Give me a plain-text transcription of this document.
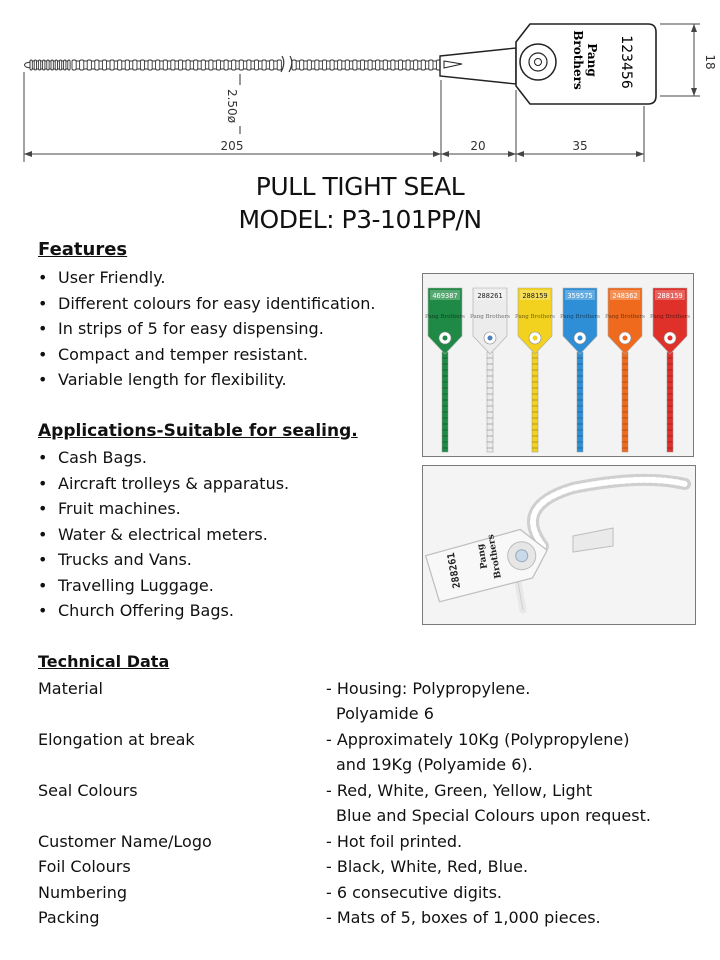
Pang
Brothers 123456
2.50ø
205	20	35
18
PULL TIGHT SEAL
MODEL: P3-101PP/N
Features
• User Friendly.
• Different colours for easy identification.
• In strips of 5 for easy dispensing.
• Compact and temper resistant.
• Variable length for flexibility.
Applications-Suitable for sealing.
• Cash Bags.
• Aircraft trolleys & apparatus.
• Fruit machines.
• Water & electrical meters.
• Trucks and Vans.
• Travelling Luggage.
• Church Offering Bags.
469387
Pang Brothers
288261
Pang Brothers
288159
Pang Brothers
359575
Pang Brothers
248362
Pang Brothers
288159
Pang Brothers
288261 Pang
Brothers
Technical Data
Material	- Housing: Polypropylene.
Polyamide 6
Elongation at break	- Approximately 10Kg (Polypropylene)
and 19Kg (Polyamide 6).
Seal Colours	- Red, White, Green, Yellow, Light
Blue and Special Colours upon request.
Customer Name/Logo	- Hot foil printed.
Foil Colours	- Black, White, Red, Blue.
Numbering	- 6 consecutive digits.
Packing	- Mats of 5, boxes of 1,000 pieces.
